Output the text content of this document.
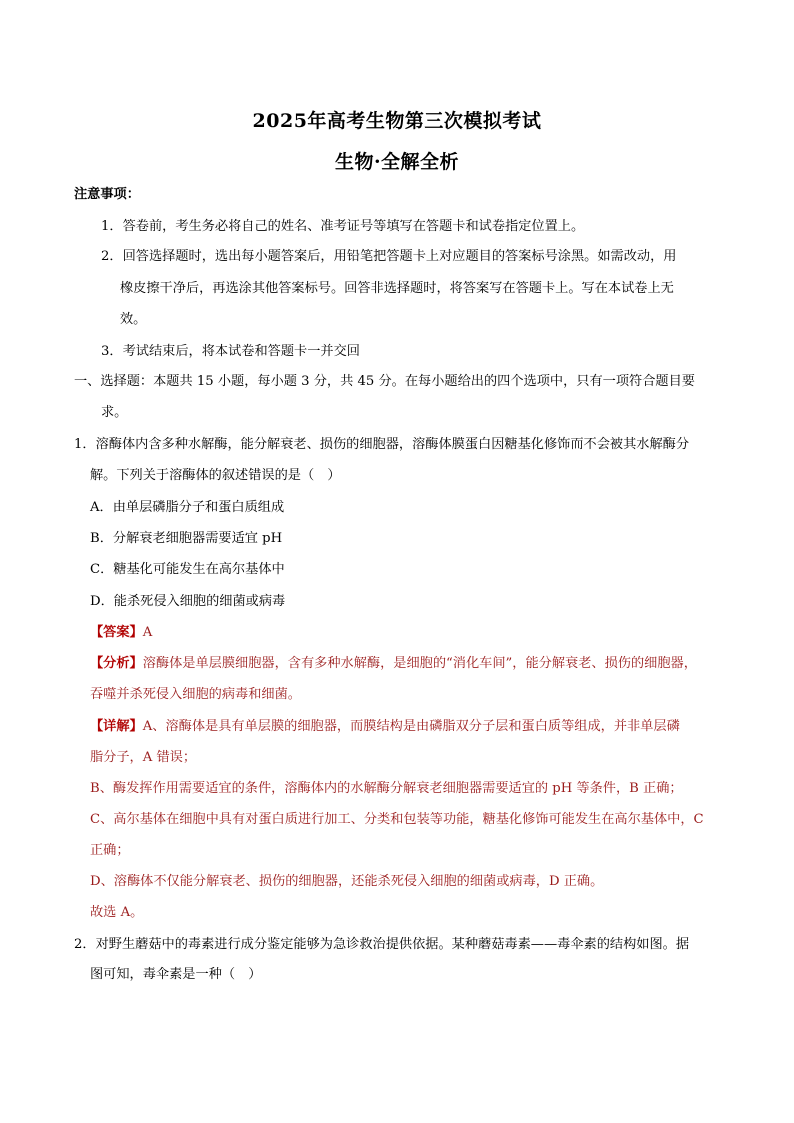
2025年高考生物第三次模拟考试
生物·全解全析
注意事项：
1．答卷前，考生务必将自己的姓名、准考证号等填写在答题卡和试卷指定位置上。
2．回答选择题时，选出每小题答案后，用铅笔把答题卡上对应题目的答案标号涂黑。如需改动，用
橡皮擦干净后，再选涂其他答案标号。回答非选择题时，将答案写在答题卡上。写在本试卷上无
效。
3．考试结束后，将本试卷和答题卡一并交回
一、选择题：本题共 15 小题，每小题 3 分，共 45 分。在每小题给出的四个选项中，只有一项符合题目要
求。
1．溶酶体内含多种水解酶，能分解衰老、损伤的细胞器，溶酶体膜蛋白因糖基化修饰而不会被其水解酶分
解。下列关于溶酶体的叙述错误的是（　）
A．由单层磷脂分子和蛋白质组成
B．分解衰老细胞器需要适宜 pH
C．糖基化可能发生在高尔基体中
D．能杀死侵入细胞的细菌或病毒
【答案】A
【分析】溶酶体是单层膜细胞器，含有多种水解酶，是细胞的“消化车间”，能分解衰老、损伤的细胞器，
吞噬并杀死侵入细胞的病毒和细菌。
【详解】A、溶酶体是具有单层膜的细胞器，而膜结构是由磷脂双分子层和蛋白质等组成，并非单层磷
脂分子，A 错误；
B、酶发挥作用需要适宜的条件，溶酶体内的水解酶分解衰老细胞器需要适宜的 pH 等条件，B 正确；
C、高尔基体在细胞中具有对蛋白质进行加工、分类和包装等功能，糖基化修饰可能发生在高尔基体中，C
正确；
D、溶酶体不仅能分解衰老、损伤的细胞器，还能杀死侵入细胞的细菌或病毒，D 正确。
故选 A。
2．对野生蘑菇中的毒素进行成分鉴定能够为急诊救治提供依据。某种蘑菇毒素——毒伞素的结构如图。据
图可知，毒伞素是一种（　）
